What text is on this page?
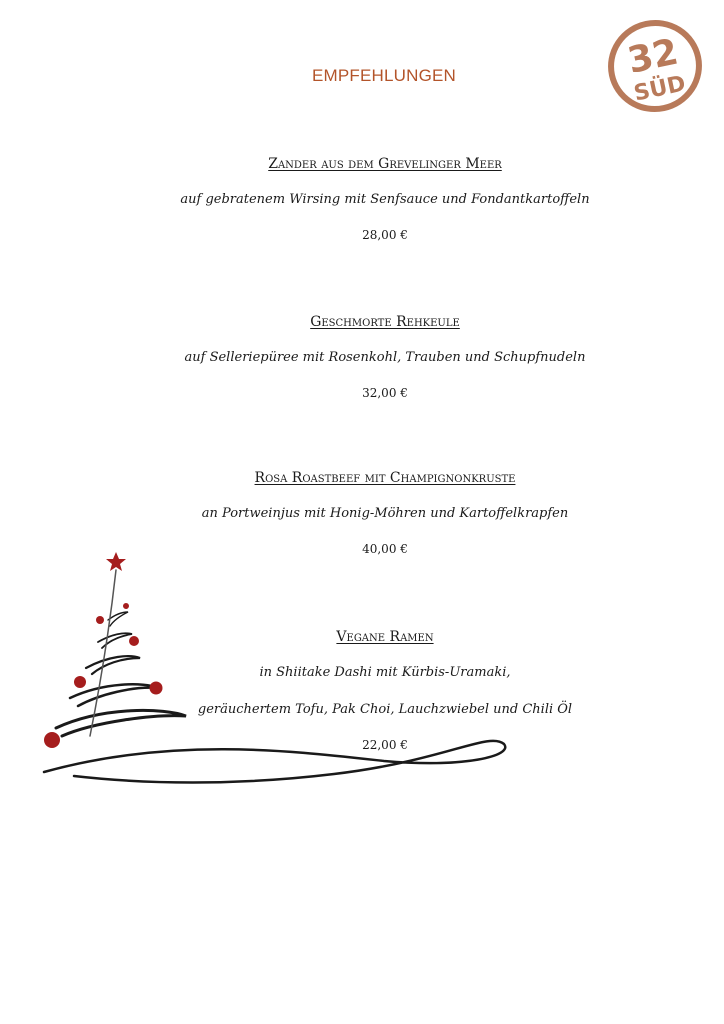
EMPFEHLUNGEN	32
SÜD
Zander aus dem Grevelinger Meer
auf gebratenem Wirsing mit Senfsauce und Fondantkartoffeln
28,00 €
Geschmorte Rehkeule
auf Selleriepüree mit Rosenkohl, Trauben und Schupfnudeln
32,00 €
Rosa Roastbeef mit Champignonkruste
an Portweinjus mit Honig-Möhren und Kartoffelkrapfen
40,00 €
Vegane Ramen
in Shiitake Dashi mit Kürbis-Uramaki,
geräuchertem Tofu, Pak Choi, Lauchzwiebel und Chili Öl
22,00 €
